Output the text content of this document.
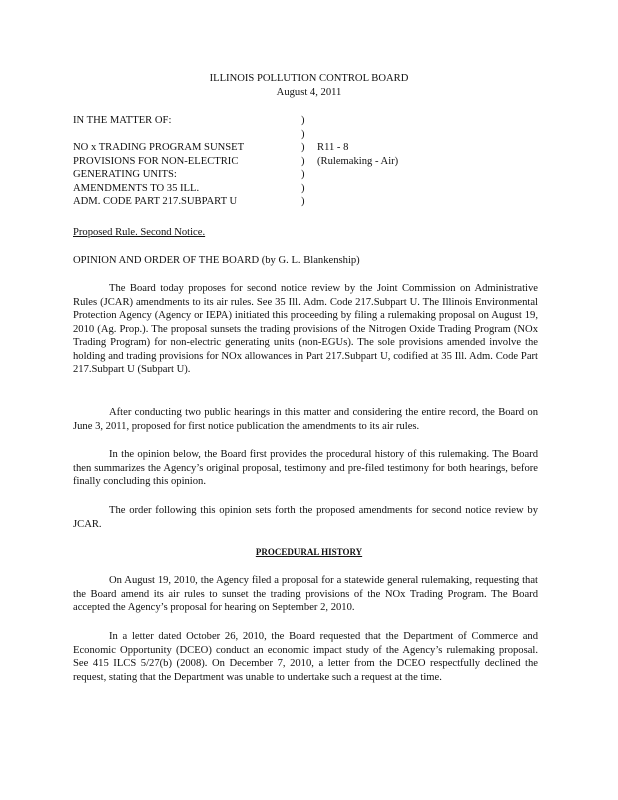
ILLINOIS POLLUTION CONTROL BOARD
August 4, 2011
IN THE MATTER OF:	)
)
NO x TRADING PROGRAM SUNSET	)	R11 - 8
PROVISIONS FOR NON-ELECTRIC	)	(Rulemaking - Air)
GENERATING UNITS:	)
AMENDMENTS TO 35 ILL.	)
ADM. CODE PART 217.SUBPART U	)
Proposed Rule. Second Notice.
OPINION AND ORDER OF THE BOARD (by G. L. Blankenship)

The Board today proposes for second notice review by the Joint Commission on Administrative Rules (JCAR) amendments to its air rules. See 35 Ill. Adm. Code 217.Subpart U. The Illinois Environmental Protection Agency (Agency or IEPA) initiated this proceeding by filing a rulemaking proposal on August 19, 2010 (Ag. Prop.). The proposal sunsets the trading provisions of the Nitrogen Oxide Trading Program (NOx Trading Program) for non-electric generating units (non-EGUs). The sole provisions amended involve the holding and trading provisions for NOx allowances in Part 217.Subpart U, codified at 35 Ill. Adm. Code Part 217.Subpart U (Subpart U).

After conducting two public hearings in this matter and considering the entire record, the Board on June 3, 2011, proposed for first notice publication the amendments to its air rules.

In the opinion below, the Board first provides the procedural history of this rulemaking. The Board then summarizes the Agency’s original proposal, testimony and pre-filed testimony for both hearings, before finally concluding this opinion.

The order following this opinion sets forth the proposed amendments for second notice review by JCAR.

PROCEDURAL HISTORY

On August 19, 2010, the Agency filed a proposal for a statewide general rulemaking, requesting that the Board amend its air rules to sunset the trading provisions of the NOx Trading Program. The Board accepted the Agency’s proposal for hearing on September 2, 2010.

In a letter dated October 26, 2010, the Board requested that the Department of Commerce and Economic Opportunity (DCEO) conduct an economic impact study of the Agency’s rulemaking proposal. See 415 ILCS 5/27(b) (2008). On December 7, 2010, a letter from the DCEO respectfully declined the request, stating that the Department was unable to undertake such a request at the time.
